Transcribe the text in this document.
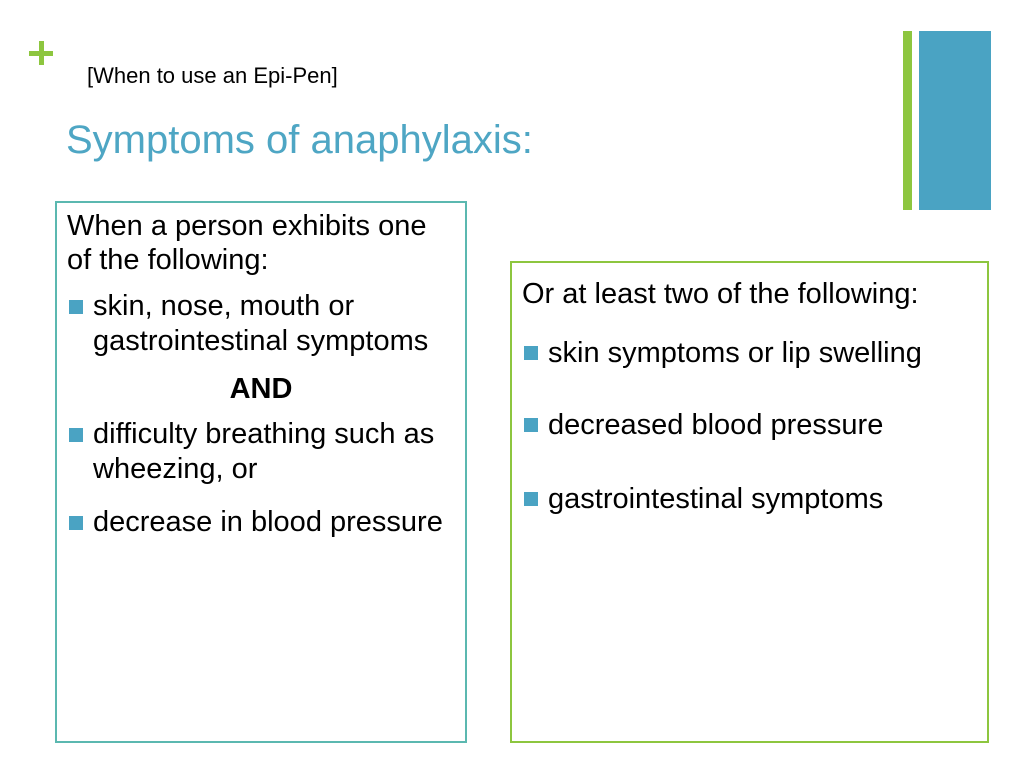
[When to use an Epi-Pen]
Symptoms of anaphylaxis:

When a person exhibits one of the following:

skin, nose, mouth or gastrointestinal symptoms
AND
difficulty breathing such as wheezing, or
decrease in blood pressure

Or at least two of the following:

skin symptoms or lip swelling
decreased blood pressure
gastrointestinal symptoms
